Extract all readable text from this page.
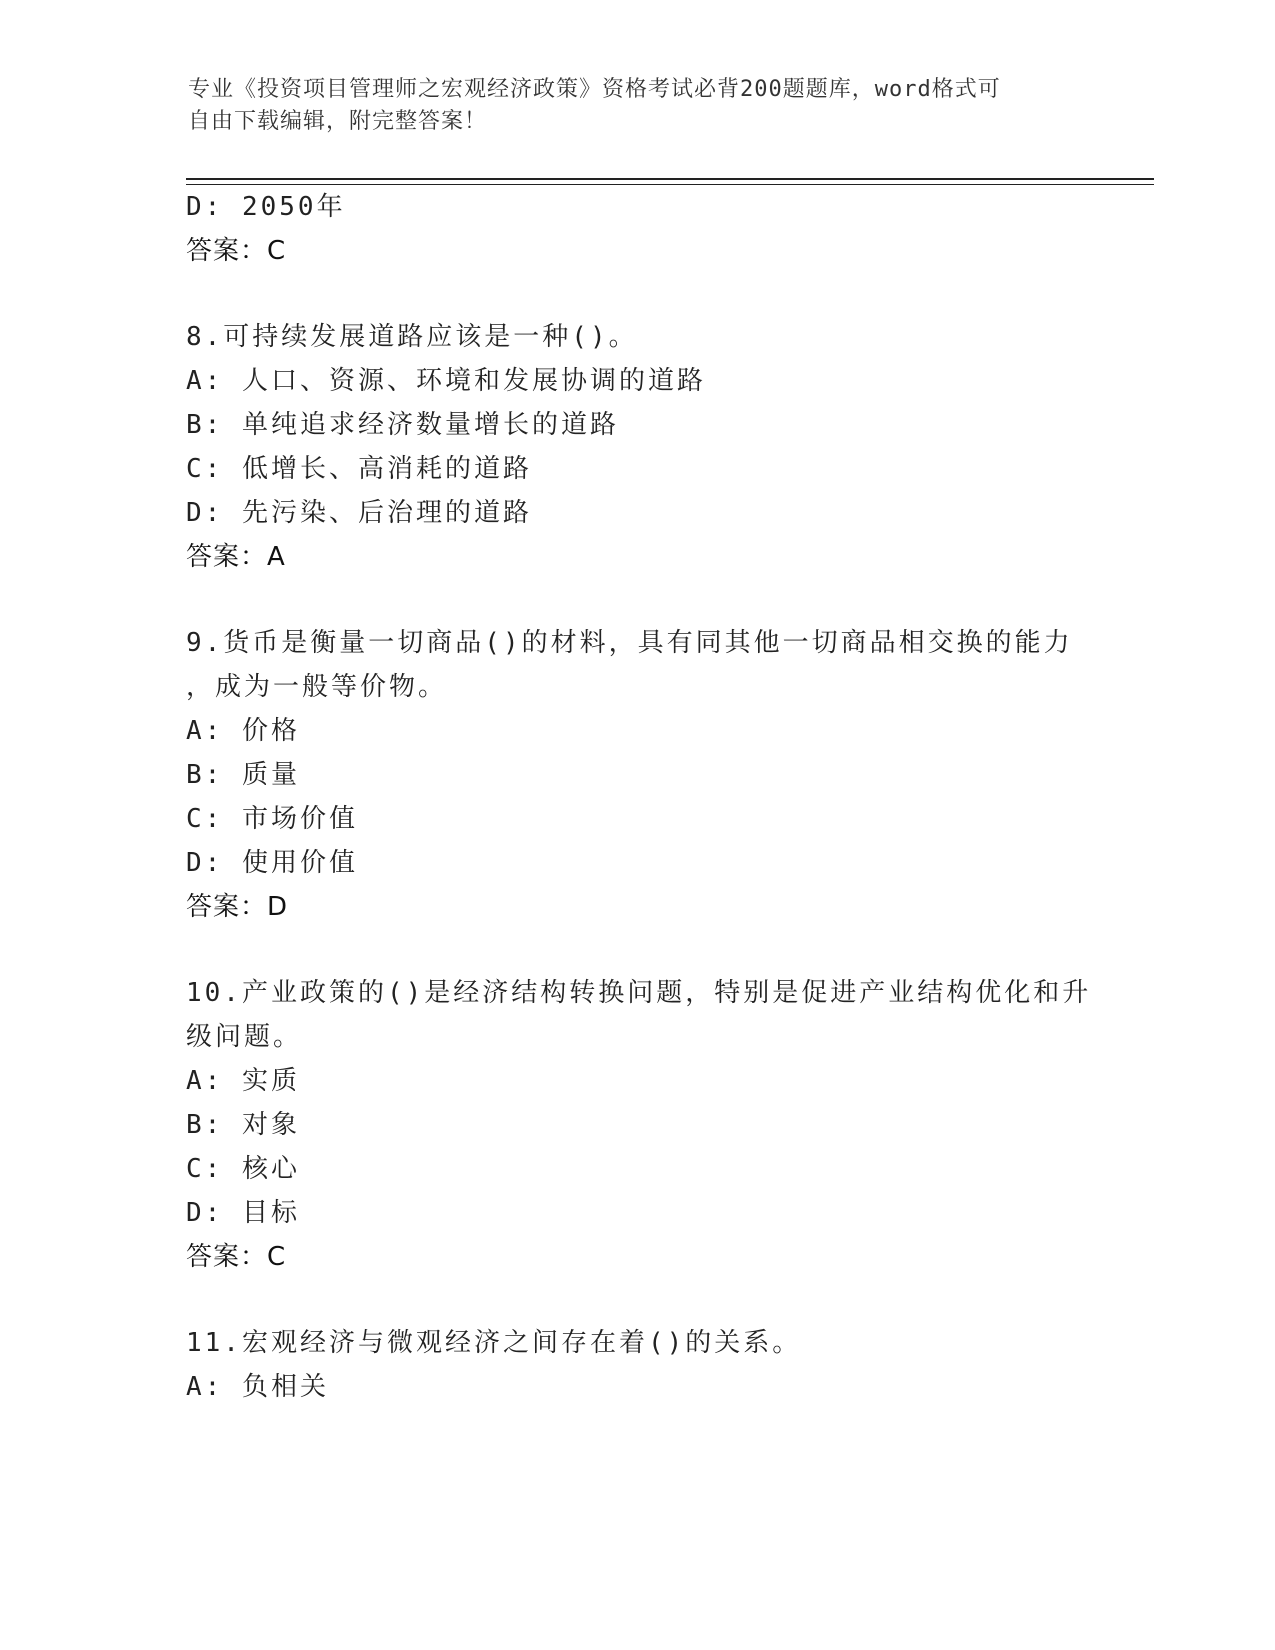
专业《投资项目管理师之宏观经济政策》资格考试必背200题题库，word格式可
自由下载编辑，附完整答案！
D: 2050年
答案：C
8.可持续发展道路应该是一种()。
A: 人口、资源、环境和发展协调的道路
B: 单纯追求经济数量增长的道路
C: 低增长、高消耗的道路
D: 先污染、后治理的道路
答案：A
9.货币是衡量一切商品()的材料，具有同其他一切商品相交换的能力
，成为一般等价物。
A: 价格
B: 质量
C: 市场价值
D: 使用价值
答案：D
10.产业政策的()是经济结构转换问题，特别是促进产业结构优化和升
级问题。
A: 实质
B: 对象
C: 核心
D: 目标
答案：C
11.宏观经济与微观经济之间存在着()的关系。
A: 负相关
